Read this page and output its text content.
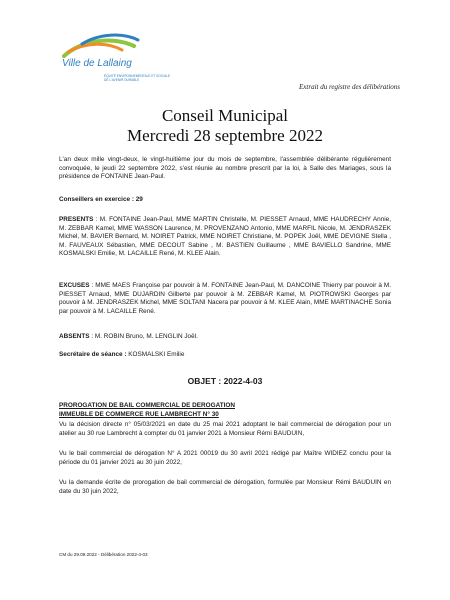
Ville de Lallaing
ÉQUITÉ ENVIRONNEMENTALE ET SOCIALE DE L'AVENIR DURABLE
Extrait du registre des délibérations
Conseil Municipal
Mercredi 28 septembre 2022

L'an deux mille vingt-deux, le vingt-huitième jour du mois de septembre, l'assemblée délibérante régulièrement convoquée, le jeudi 22 septembre 2022, s'est réunie au nombre prescrit par la loi, à Salle des Mariages, sous la présidence de FONTAINE Jean-Paul.

Conseillers en exercice : 29

PRESENTS : M. FONTAINE Jean-Paul, MME MARTIN Christelle, M. PIESSET Arnaud, MME HAUDRECHY Annie, M. ZEBBAR Kamel, MME WASSON Laurence, M. PROVENZANO Antonio, MME MARFIL Nicole, M. JENDRASZEK Michel, M. BAVIER Bernard, M. NOIRET Patrick, MME NOIRET Christiane, M. POPEK Joël, MME DEVIGNE Stella , M. FAUVEAUX Sébastien, MME DECOUT Sabine , M. BASTIEN Guillaume , MME BAVIELLO Sandrine, MME KOSMALSKI Emilie, M. LACAILLE René, M. KLEE Alain.

EXCUSES : MME MAES Françoise par pouvoir à M. FONTAINE Jean-Paul, M. DANCOINE Thierry par pouvoir à M. PIESSET Arnaud, MME DUJARDIN Gilberte par pouvoir à M. ZEBBAR Kamel, M. PIOTROWSKI Georges par pouvoir à M. JENDRASZEK Michel, MME SOLTANI Nacera par pouvoir à M. KLEE Alain, MME MARTINACHE Sonia par pouvoir à M. LACAILLE René.

ABSENTS : M. ROBIN Bruno, M. LENGLIN Joël.

Secrétaire de séance : KOSMALSKI Emilie

OBJET : 2022-4-03
PROROGATION DE BAIL COMMERCIAL DE DEROGATION
IMMEUBLE DE COMMERCE RUE LAMBRECHT N° 30

Vu la décision directe n° 05/03/2021 en date du 25 mai 2021 adoptant le bail commercial de dérogation pour un atelier au 30 rue Lambrecht à compter du 01 janvier 2021 à Monsieur Rémi BAUDUIN,

Vu le bail commercial de dérogation N° A 2021 00019 du 30 avril 2021 rédigé par Maître WIDIEZ conclu pour la période du 01 janvier 2021 au 30 juin 2022,

Vu la demande écrite de prorogation de bail commercial de dérogation, formulée par Monsieur Rémi BAUDUIN en date du 30 juin 2022,

CM du 29.09.2022 - Délibération 2022-4-03
